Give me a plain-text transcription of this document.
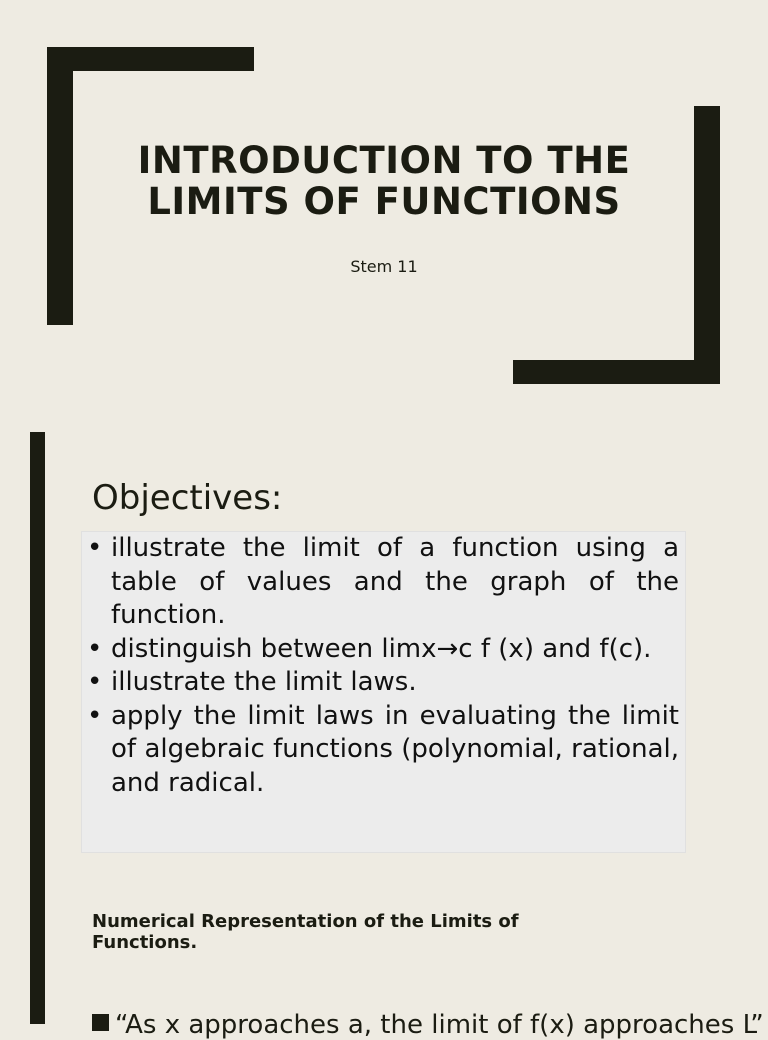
INTRODUCTION TO THE
LIMITS OF FUNCTIONS
Stem 11
Objectives:
• illustrate the limit of a function using a table of values and the graph of the function.
• distinguish between limx→c f (x) and f(c).
• illustrate the limit laws.
• apply the limit laws in evaluating the limit of algebraic functions (polynomial, rational, and radical.
Numerical Representation of the Limits of Functions.
“As x approaches a, the limit of f(x) approaches L”
